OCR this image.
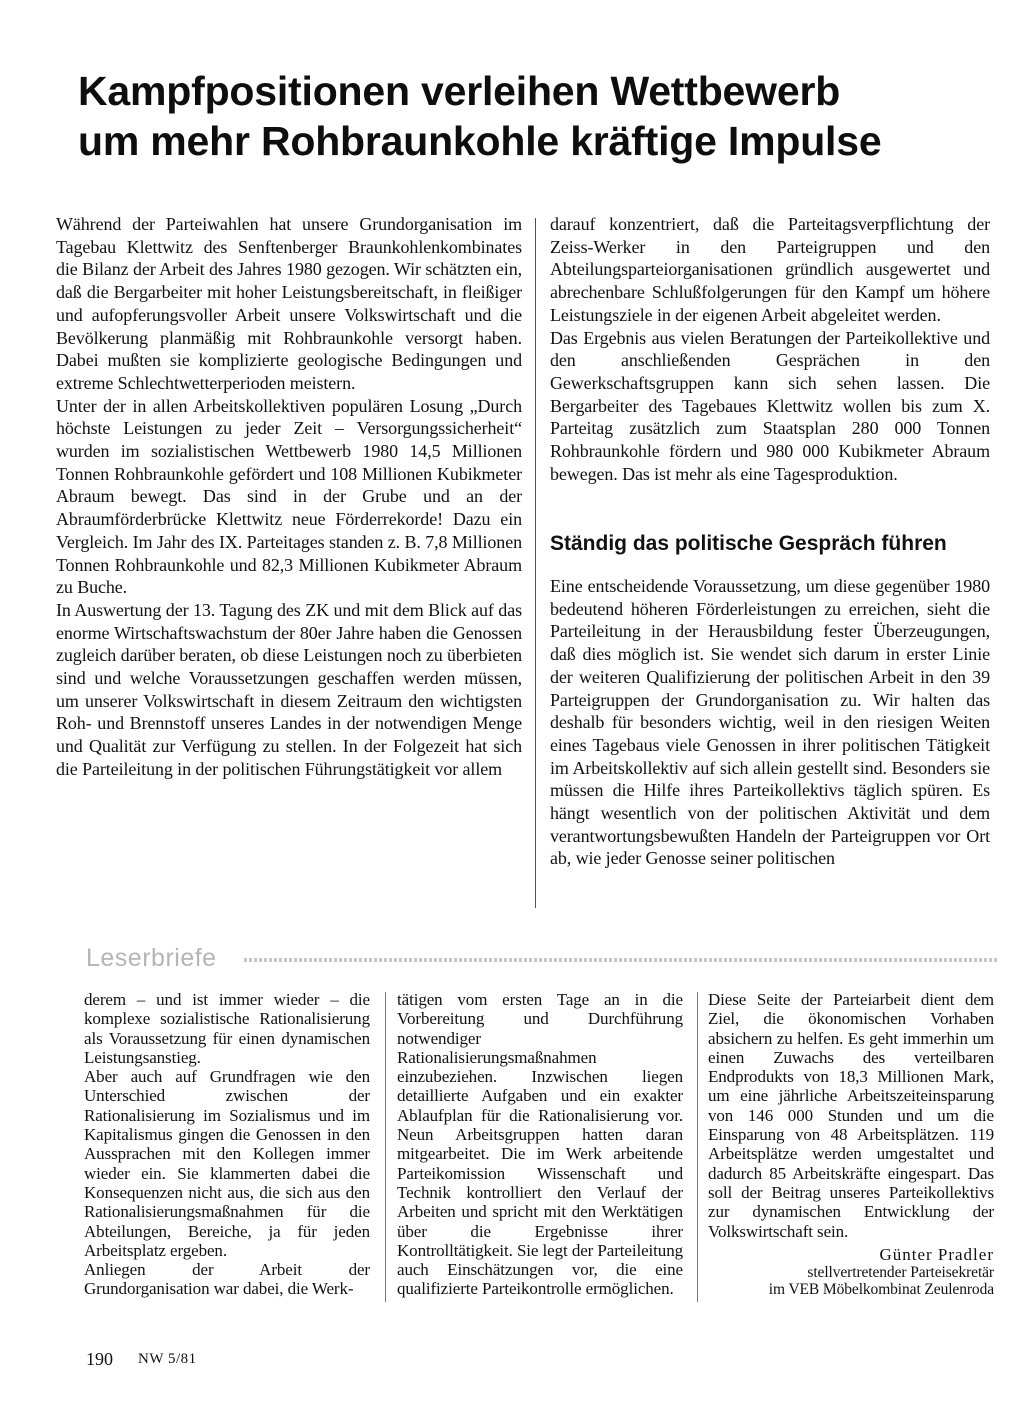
Kampfpositionen verleihen Wettbewerb
um mehr Rohbraunkohle kräftige Impulse

Während der Parteiwahlen hat unsere Grundorganisation im Tagebau Klettwitz des Senftenberger Braunkohlenkombinates die Bilanz der Arbeit des Jahres 1980 gezogen. Wir schätzten ein, daß die Bergarbeiter mit hoher Leistungsbereitschaft, in fleißiger und aufopferungsvoller Arbeit unsere Volkswirtschaft und die Bevölkerung planmäßig mit Rohbraunkohle versorgt haben. Dabei mußten sie komplizierte geologische Bedingungen und extreme Schlechtwetterperioden meistern.

Unter der in allen Arbeitskollektiven populären Losung „Durch höchste Leistungen zu jeder Zeit – Versorgungssicherheit“ wurden im sozialistischen Wettbewerb 1980 14,5 Millionen Tonnen Rohbraunkohle gefördert und 108 Millionen Kubikmeter Abraum bewegt. Das sind in der Grube und an der Abraumförderbrücke Klettwitz neue Förderrekorde! Dazu ein Vergleich. Im Jahr des IX. Parteitages standen z. B. 7,8 Millionen Tonnen Rohbraunkohle und 82,3 Millionen Kubikmeter Abraum zu Buche.

In Auswertung der 13. Tagung des ZK und mit dem Blick auf das enorme Wirtschaftswachstum der 80er Jahre haben die Genossen zugleich darüber beraten, ob diese Leistungen noch zu überbieten sind und welche Voraussetzungen geschaffen werden müssen, um unserer Volkswirtschaft in diesem Zeitraum den wichtigsten Roh- und Brennstoff unseres Landes in der notwendigen Menge und Qualität zur Verfügung zu stellen. In der Folgezeit hat sich die Parteileitung in der politischen Führungstätigkeit vor allem

darauf konzentriert, daß die Parteitagsverpflichtung der Zeiss-Werker in den Parteigruppen und den Abteilungsparteiorganisationen gründlich ausgewertet und abrechenbare Schlußfolgerungen für den Kampf um höhere Leistungsziele in der eigenen Arbeit abgeleitet werden.

Das Ergebnis aus vielen Beratungen der Parteikollektive und den anschließenden Gesprächen in den Gewerkschaftsgruppen kann sich sehen lassen. Die Bergarbeiter des Tagebaues Klettwitz wollen bis zum X. Parteitag zusätzlich zum Staatsplan 280 000 Tonnen Rohbraunkohle fördern und 980 000 Kubikmeter Abraum bewegen. Das ist mehr als eine Tagesproduktion.

Ständig das politische Gespräch führen

Eine entscheidende Voraussetzung, um diese gegenüber 1980 bedeutend höheren Förderleistungen zu erreichen, sieht die Parteileitung in der Herausbildung fester Überzeugungen, daß dies möglich ist. Sie wendet sich darum in erster Linie der weiteren Qualifizierung der politischen Arbeit in den 39 Parteigruppen der Grundorganisation zu. Wir halten das deshalb für besonders wichtig, weil in den riesigen Weiten eines Tagebaus viele Genossen in ihrer politischen Tätigkeit im Arbeitskollektiv auf sich allein gestellt sind. Besonders sie müssen die Hilfe ihres Parteikollektivs täglich spüren. Es hängt wesentlich von der politischen Aktivität und dem verantwortungsbewußten Handeln der Parteigruppen vor Ort ab, wie jeder Genosse seiner politischen

Leserbriefe

derem – und ist immer wieder – die komplexe sozialistische Rationalisierung als Voraussetzung für einen dynamischen Leistungsanstieg.

Aber auch auf Grundfragen wie den Unterschied zwischen der Rationalisierung im Sozialismus und im Kapitalismus gingen die Genossen in den Aussprachen mit den Kollegen immer wieder ein. Sie klammerten dabei die Konsequenzen nicht aus, die sich aus den Rationalisierungsmaßnahmen für die Abteilungen, Bereiche, ja für jeden Arbeitsplatz ergeben.

Anliegen der Arbeit der Grundorganisation war dabei, die Werk-

tätigen vom ersten Tage an in die Vorbereitung und Durchführung notwendiger Rationalisierungsmaßnahmen einzubeziehen. Inzwischen liegen detaillierte Aufgaben und ein exakter Ablaufplan für die Rationalisierung vor. Neun Arbeitsgruppen hatten daran mitgearbeitet. Die im Werk arbeitende Parteikomission Wissenschaft und Technik kontrolliert den Verlauf der Arbeiten und spricht mit den Werktätigen über die Ergebnisse ihrer Kontrolltätigkeit. Sie legt der Parteileitung auch Einschätzungen vor, die eine qualifizierte Parteikontrolle ermöglichen.

Diese Seite der Parteiarbeit dient dem Ziel, die ökonomischen Vorhaben absichern zu helfen. Es geht immerhin um einen Zuwachs des verteilbaren Endprodukts von 18,3 Millionen Mark, um eine jährliche Arbeitszeiteinsparung von 146 000 Stunden und um die Einsparung von 48 Arbeitsplätzen. 119 Arbeitsplätze werden umgestaltet und dadurch 85 Arbeitskräfte eingespart. Das soll der Beitrag unseres Parteikollektivs zur dynamischen Entwicklung der Volkswirtschaft sein.

Günter Pradler
stellvertretender Parteisekretär
im VEB Möbelkombinat Zeulenroda
190 NW 5/81
